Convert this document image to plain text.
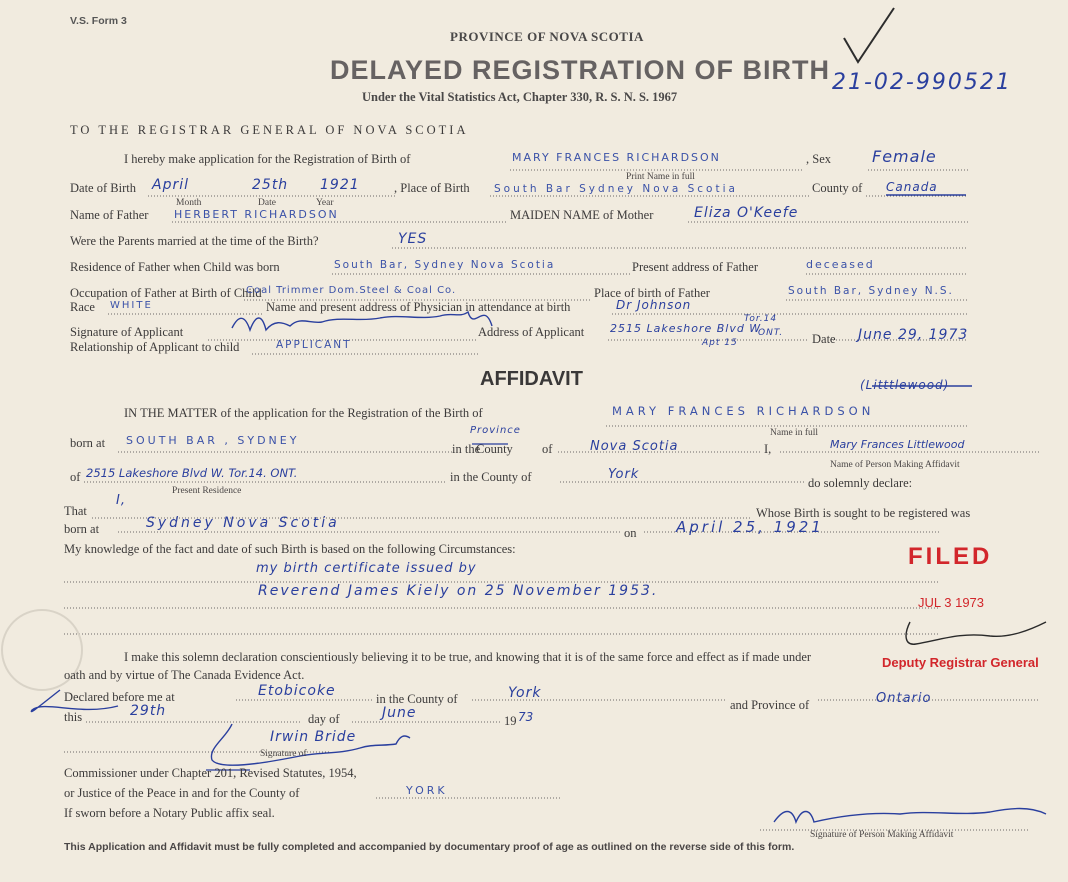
V.S. Form 3
PROVINCE OF NOVA SCOTIA
DELAYED REGISTRATION OF BIRTH
Under the Vital Statistics Act, Chapter 330, R. S. N. S. 1967
21-02-990521
TO THE REGISTRAR GENERAL OF NOVA SCOTIA
I hereby make application for the Registration of Birth of	MARY FRANCES RICHARDSON	, Sex	Female
Print Name in full
Date of Birth April	25th 1921
Month	Date	Year
, Place of Birth South Bar Sydney Nova Scotia	County of Canada
Name of Father HERBERT RICHARDSON	MAIDEN NAME of Mother	Eliza O'Keefe
Were the Parents married at the time of the Birth?	YES
Residence of Father when Child was born	South Bar, Sydney Nova Scotia	Present address of Father	deceased
Occupation of Father at Birth of Child
Coal Trimmer Dom.Steel & Coal Co.	Place of birth of Father	South Bar, Sydney N.S.
Race WHITE	Name and present address of Physician in attendance at birth	Dr Johnson
Signature of Applicant	Address of Applicant 2515 Lakeshore Blvd W
Apt 15
Tor.14
ONT. Date June 29, 1973
Relationship of Applicant to child	APPLICANT
AFFIDAVIT	(Litttlewood)
IN THE MATTER of the application for the Registration of the Birth of	MARY FRANCES RICHARDSON
Name in full
born at SOUTH BAR , SYDNEY
in the
County
Province
of	Nova Scotia	I,	Mary Frances Littlewood
Name of Person Making Affidavit
of 2515 Lakeshore Blvd W. Tor.14. ONT.
Present Residence
in the County of	York
do solemnly declare:
That
I,
Whose Birth is sought to be registered was
born at	Sydney Nova Scotia
on	April 25, 1921
My knowledge of the fact and date of such Birth is based on the following Circumstances:
my birth certificate issued by
Reverend James Kiely on 25 November 1953.
I make this solemn declaration conscientiously believing it to be true, and knowing that it is of the same force and effect as if made under
oath and by virtue of The Canada Evidence Act.
Declared before me at	Etobicoke	in the County of	York
and Province of	Ontario
this	29th	day of	June	19 73
Irwin Bride
Signature of
Commissioner under Chapter 201, Revised Statutes, 1954,
or Justice of the Peace in and for the County of	YORK
If sworn before a Notary Public affix seal.
Signature of Person Making Affidavit
FILED
JUL 3 1973
Deputy Registrar General
This Application and Affidavit must be fully completed and accompanied by documentary proof of age as outlined on the reverse side of this form.
